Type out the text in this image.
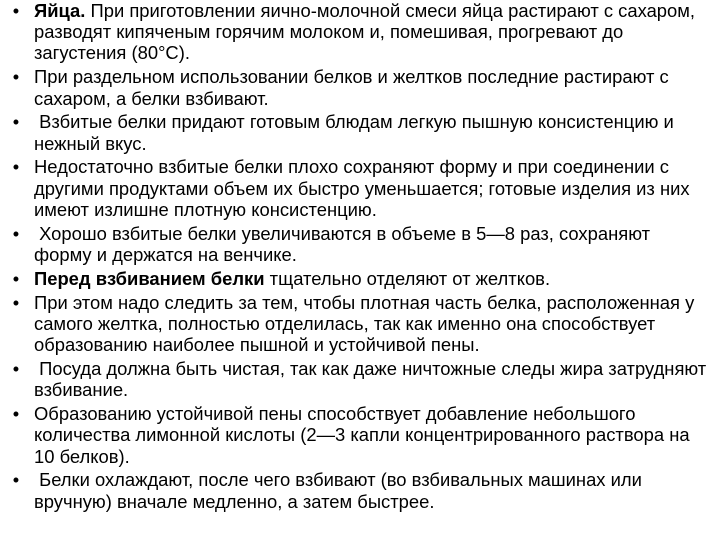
• Яйца. При приготовлении яично-молочной смеси яйца растирают с сахаром, разводят кипяченым горячим молоком и, помешивая, прогревают до загустения (80°С).
• При раздельном использовании белков и желтков последние растирают с сахаром, а белки взбивают.
• Взбитые белки придают готовым блюдам легкую пышную консистенцию и нежный вкус.
• Недостаточно взбитые белки плохо сохраняют форму и при соединении с другими продуктами объем их быстро уменьшается; готовые изделия из них имеют излишне плотную консистенцию.
• Хорошо взбитые белки увеличиваются в объеме в 5—8 раз, сохраняют форму и держатся на венчике.
• Перед взбиванием белки тщательно отделяют от желтков.
• При этом надо следить за тем, чтобы плотная часть белка, расположенная у самого желтка, полностью отделилась, так как именно она способствует образованию наиболее пышной и устойчивой пены.
• Посуда должна быть чистая, так как даже ничтожные следы жира затрудняют взбивание.
• Образованию устойчивой пены способствует добавление небольшого количества лимонной кислоты (2—3 капли концентрированного раствора на 10 белков).
• Белки охлаждают, после чего взбивают (во взбивальных машинах или вручную) вначале медленно, а затем быстрее.
